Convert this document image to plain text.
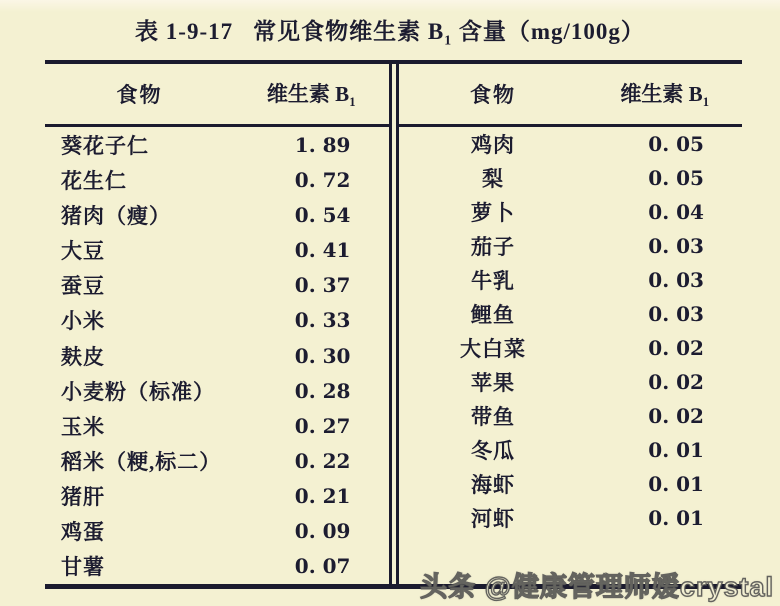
表 1-9-17 常见食物维生素 $B_1$ 含量（mg/100g）
食物	维生素 $B_1$
葵花子仁	1. 89
花生仁	0. 72
猪肉（瘦）	0. 54
大豆	0. 41
蚕豆	0. 37
小米	0. 33
麸皮	0. 30
小麦粉（标准）	0. 28
玉米	0. 27
稻米（粳,标二）	0. 22
猪肝	0. 21
鸡蛋	0. 09
甘薯	0. 07
食物	维生素 $B_1$
鸡肉	0. 05
梨	0. 05
萝卜	0. 04
茄子	0. 03
牛乳	0. 03
鲤鱼	0. 03
大白菜	0. 02
苹果	0. 02
带鱼	0. 02
冬瓜	0. 01
海虾	0. 01
河虾	0. 01
头条 @健康管理师嫒crystal
